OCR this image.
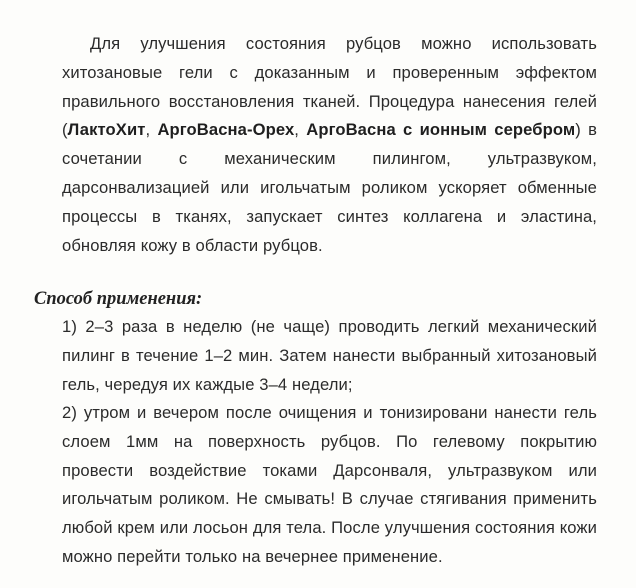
Для улучшения состояния рубцов можно использовать хитозановые гели с доказанным и проверенным эффектом правильного восстановления тканей. Процедура нанесения гелей (ЛактоХит, АргоВасна-Орех, АргоВасна с ионным серебром) в сочетании с механическим пилингом, ультразвуком, дарсонвализацией или игольчатым роликом ускоряет обменные процессы в тканях, запускает синтез коллагена и эластина, обновляя кожу в области рубцов.

Способ применения:

1) 2–3 раза в неделю (не чаще) проводить легкий механический пилинг в течение 1–2 мин. Затем нанести выбранный хитозановый гель, чередуя их каждые 3–4 недели;

2) утром и вечером после очищения и тонизировани нанести гель слоем 1мм на поверхность рубцов. По гелевому покрытию провести воздействие токами Дарсонваля, ультразвуком или игольчатым роликом. Не смывать! В случае стягивания применить любой крем или лосьон для тела. После улучшения состояния кожи можно перейти только на вечернее применение.
